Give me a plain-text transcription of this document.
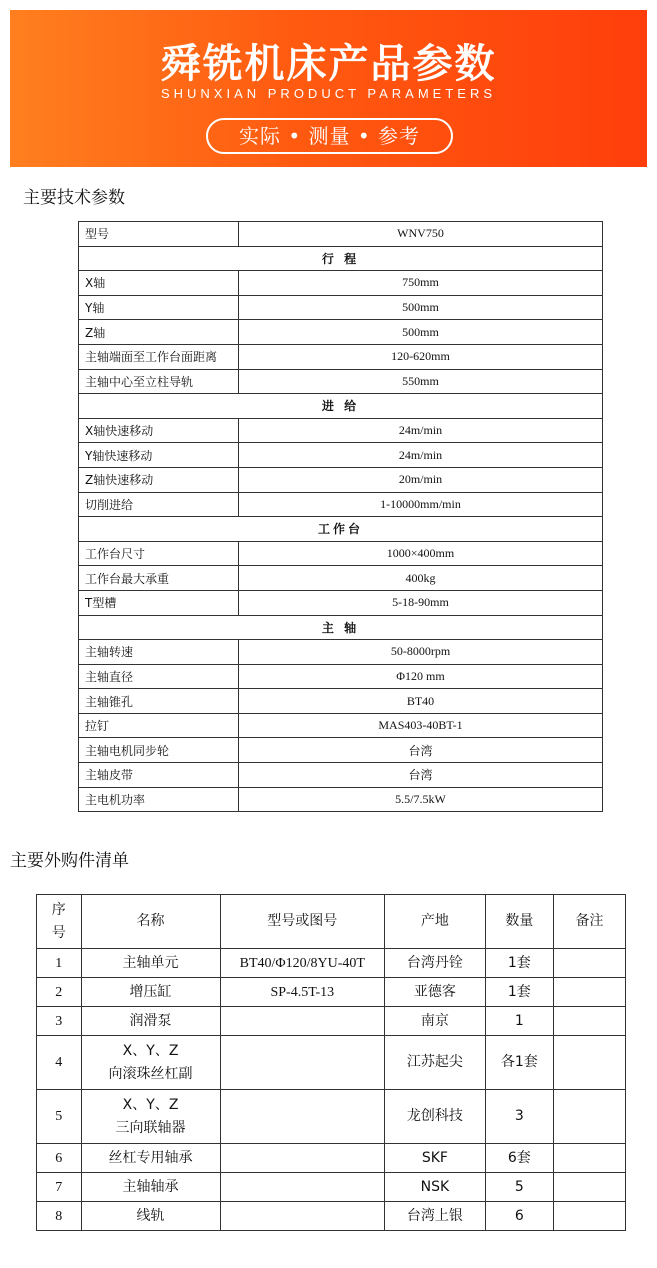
舜铣机床产品参数
SHUNXIAN PRODUCT PARAMETERS
实际 • 测量 • 参考
主要技术参数
型号	WNV750
行 程	
X轴	750mm
Y轴	500mm
Z轴	500mm
主轴端面至工作台面距离	120-620mm
主轴中心至立柱导轨	550mm
进 给	
X轴快速移动	24m/min
Y轴快速移动	24m/min
Z轴快速移动	20m/min
切削进给	1-10000mm/min
工作台	
工作台尺寸	1000×400mm
工作台最大承重	400kg
T型槽	5-18-90mm
主 轴	
主轴转速	50-8000rpm
主轴直径	Φ120 mm
主轴锥孔	BT40
拉钉	MAS403-40BT-1
主轴电机同步轮	台湾
主轴皮带	台湾
主电机功率	5.5/7.5kW
主要外购件清单
序
号	名称	型号或图号	产地	数量	备注
1	主轴单元	BT40/Φ120/8YU-40T	台湾丹铨	1套	
2	增压缸	SP-4.5T-13	亚德客	1套	
3	润滑泵		南京	1	
4	X、Y、Z
向滚珠丝杠副		江苏起尖	各1套	
5	X、Y、Z
三向联轴器		龙创科技	3	
6	丝杠专用轴承		SKF	6套	
7	主轴轴承		NSK	5	
8	线轨		台湾上银	6	
